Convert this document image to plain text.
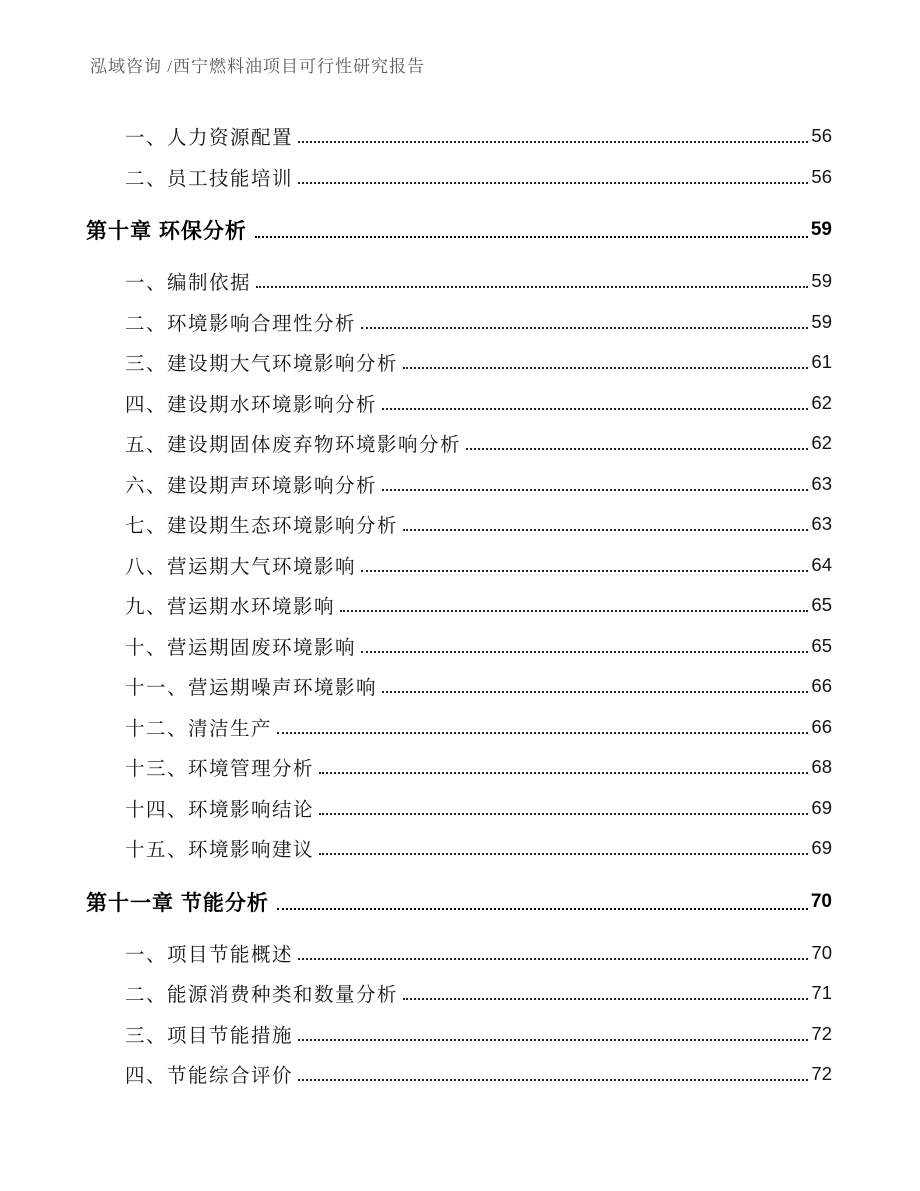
泓域咨询 /西宁燃料油项目可行性研究报告
一、人力资源配置	56
二、员工技能培训	56
第十章 环保分析	59
一、编制依据	59
二、环境影响合理性分析	59
三、建设期大气环境影响分析	61
四、建设期水环境影响分析	62
五、建设期固体废弃物环境影响分析	62
六、建设期声环境影响分析	63
七、建设期生态环境影响分析	63
八、营运期大气环境影响	64
九、营运期水环境影响	65
十、营运期固废环境影响	65
十一、营运期噪声环境影响	66
十二、清洁生产	66
十三、环境管理分析	68
十四、环境影响结论	69
十五、环境影响建议	69
第十一章 节能分析	70
一、项目节能概述	70
二、能源消费种类和数量分析	71
三、项目节能措施	72
四、节能综合评价	72
